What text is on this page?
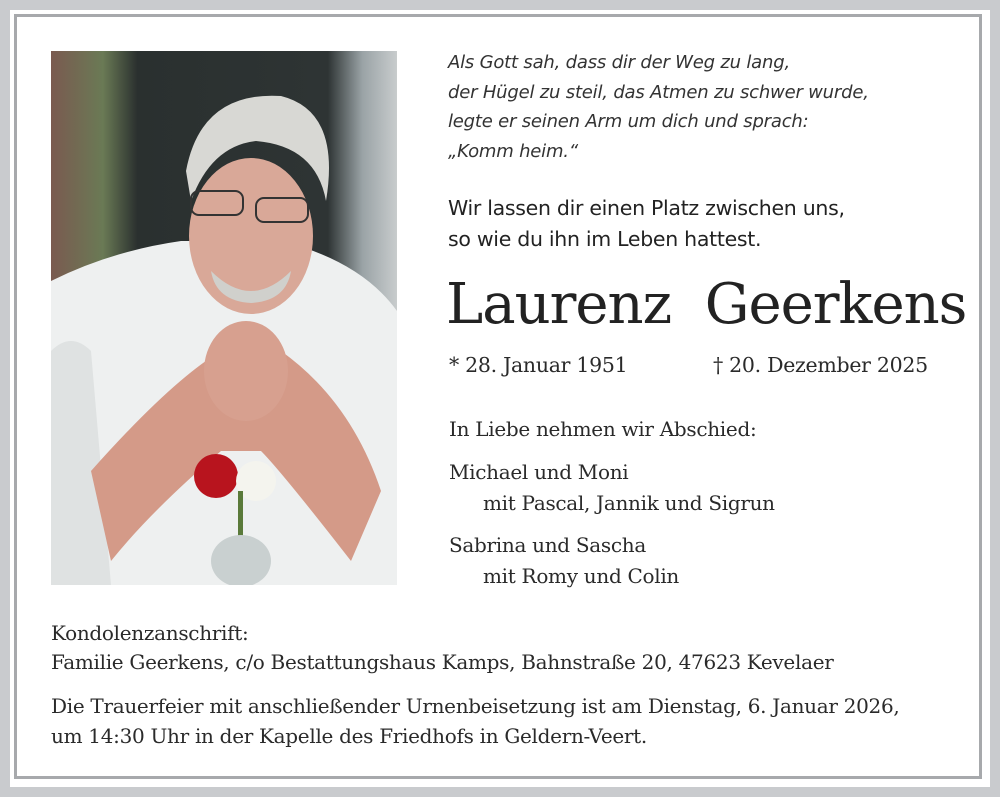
Als Gott sah, dass dir der Weg zu lang,
der Hügel zu steil, das Atmen zu schwer wurde,
legte er seinen Arm um dich und sprach:
„Komm heim.“
Wir lassen dir einen Platz zwischen uns,
so wie du ihn im Leben hattest.
Laurenz  Geerkens
* 28. Januar 1951	† 20. Dezember 2025
In Liebe nehmen wir Abschied:
Michael und Moni
mit Pascal, Jannik und Sigrun
Sabrina und Sascha
mit Romy und Colin
Kondolenzanschrift:
Familie Geerkens, c/o Bestattungshaus Kamps, Bahnstraße 20, 47623 Kevelaer
Die Trauerfeier mit anschließender Urnenbeisetzung ist am Dienstag, 6. Januar 2026,
um 14:30 Uhr in der Kapelle des Friedhofs in Geldern-Veert.
